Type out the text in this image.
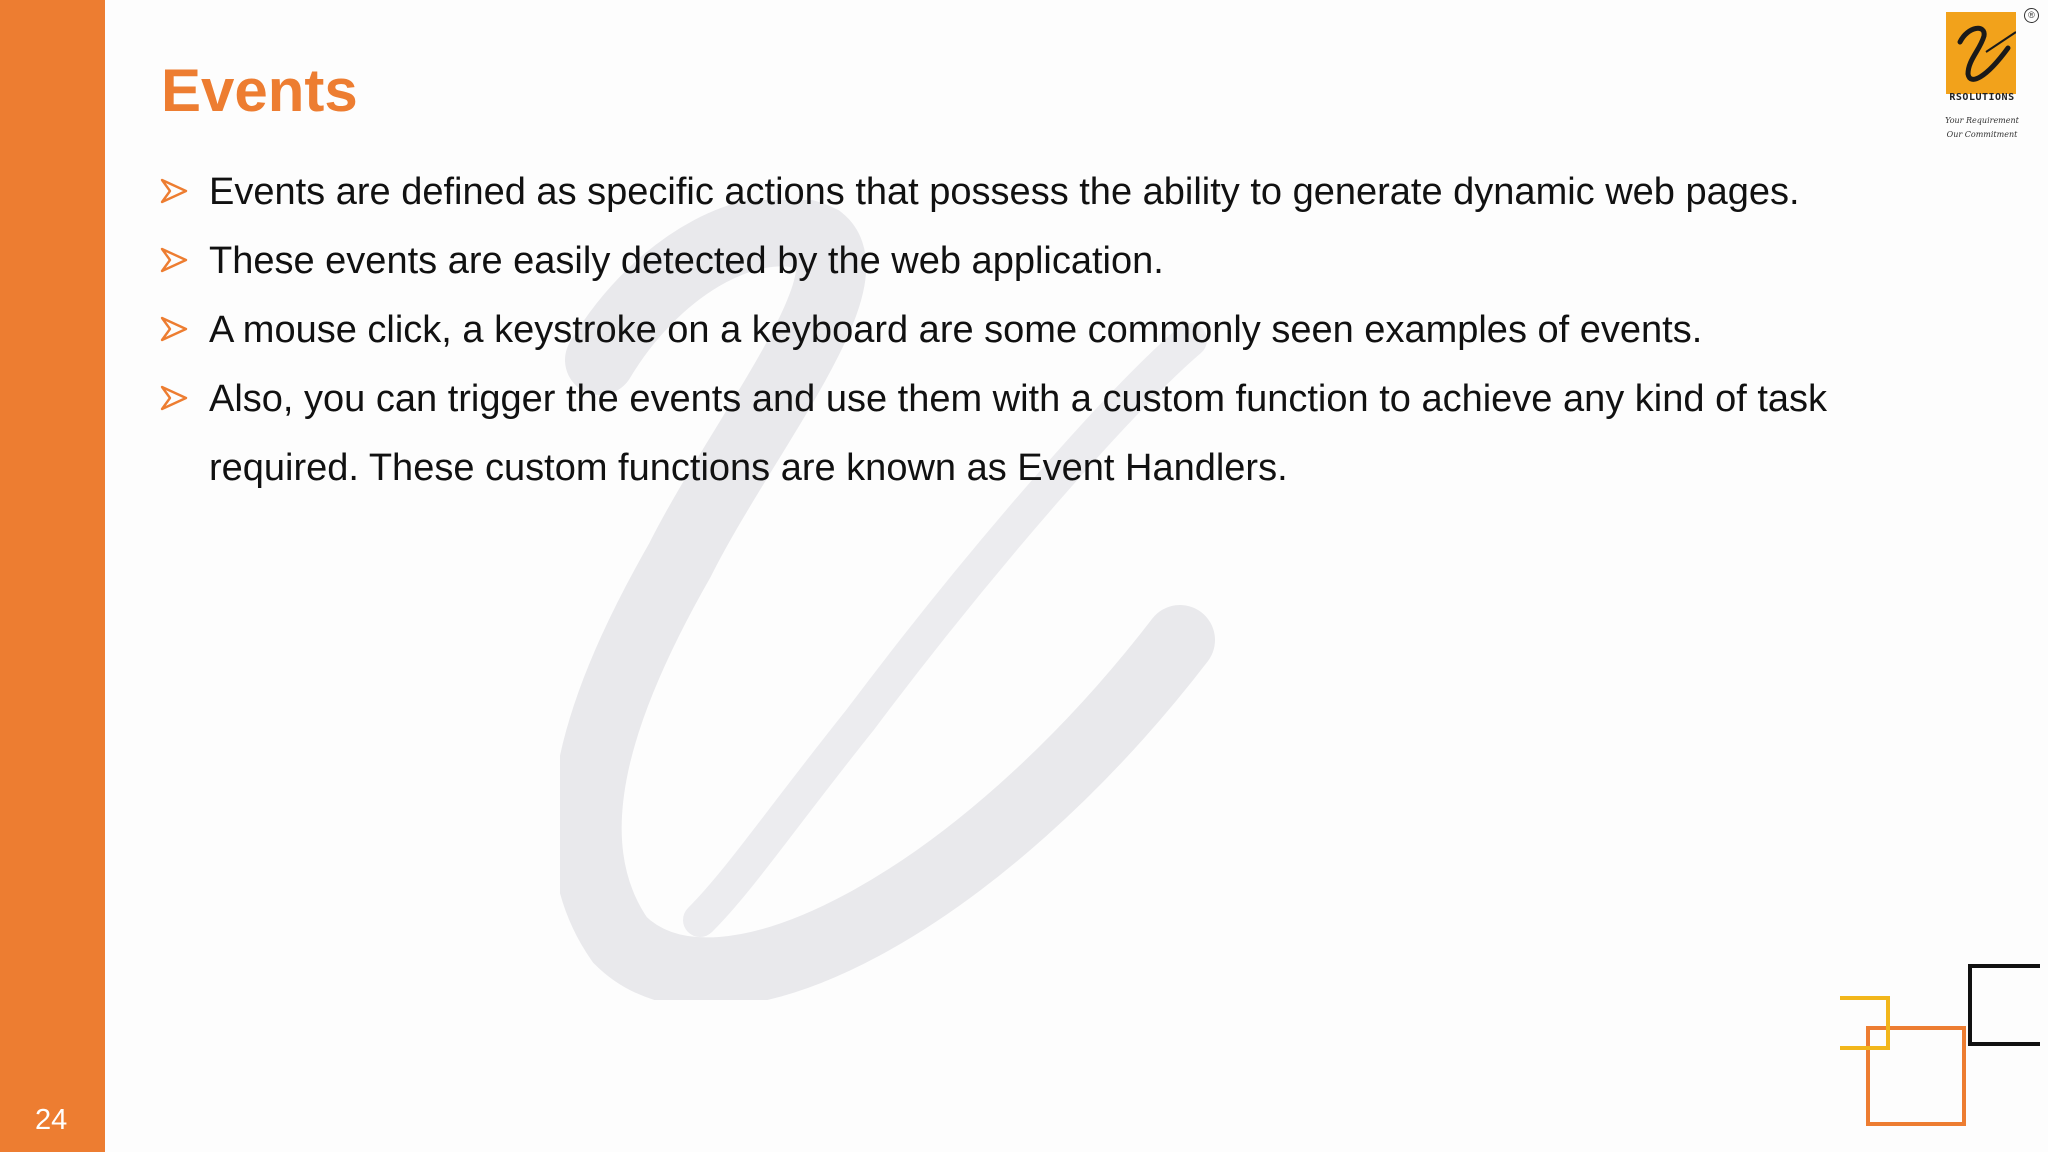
24
Events
Events are defined as specific actions that possess the ability to generate dynamic web pages.
These events are easily detected by the web application.
A mouse click, a keystroke on a keyboard are some commonly seen examples of events.
Also, you can trigger the events and use them with a custom function to achieve any kind of task required. These custom functions are known as Event Handlers.
®
RSOLUTIONS
Your Requirement
Our Commitment
